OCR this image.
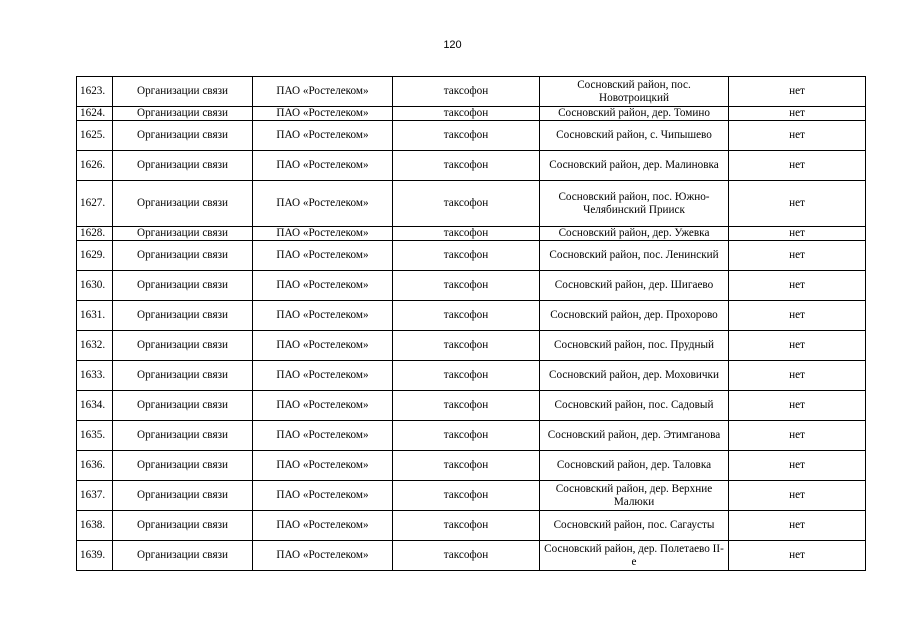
120
1623.	Организации связи	ПАО «Ростелеком»	таксофон	Сосновский район, пос. Новотроицкий	нет
1624.	Организации связи	ПАО «Ростелеком»	таксофон	Сосновский район, дер. Томино	нет
1625.	Организации связи	ПАО «Ростелеком»	таксофон	Сосновский район, с. Чипышево	нет
1626.	Организации связи	ПАО «Ростелеком»	таксофон	Сосновский район, дер. Малиновка	нет
1627.	Организации связи	ПАО «Ростелеком»	таксофон	Сосновский район, пос. Южно-Челябинский Прииск	нет
1628.	Организации связи	ПАО «Ростелеком»	таксофон	Сосновский район, дер. Ужевка	нет
1629.	Организации связи	ПАО «Ростелеком»	таксофон	Сосновский район, пос. Ленинский	нет
1630.	Организации связи	ПАО «Ростелеком»	таксофон	Сосновский район, дер. Шигаево	нет
1631.	Организации связи	ПАО «Ростелеком»	таксофон	Сосновский район, дер. Прохорово	нет
1632.	Организации связи	ПАО «Ростелеком»	таксофон	Сосновский район, пос. Прудный	нет
1633.	Организации связи	ПАО «Ростелеком»	таксофон	Сосновский район, дер. Моховички	нет
1634.	Организации связи	ПАО «Ростелеком»	таксофон	Сосновский район, пос. Садовый	нет
1635.	Организации связи	ПАО «Ростелеком»	таксофон	Сосновский район, дер. Этимганова	нет
1636.	Организации связи	ПАО «Ростелеком»	таксофон	Сосновский район, дер. Таловка	нет
1637.	Организации связи	ПАО «Ростелеком»	таксофон	Сосновский район, дер. Верхние Малюки	нет
1638.	Организации связи	ПАО «Ростелеком»	таксофон	Сосновский район, пос. Сагаусты	нет
1639.	Организации связи	ПАО «Ростелеком»	таксофон	Сосновский район, дер. Полетаево II-е	нет
